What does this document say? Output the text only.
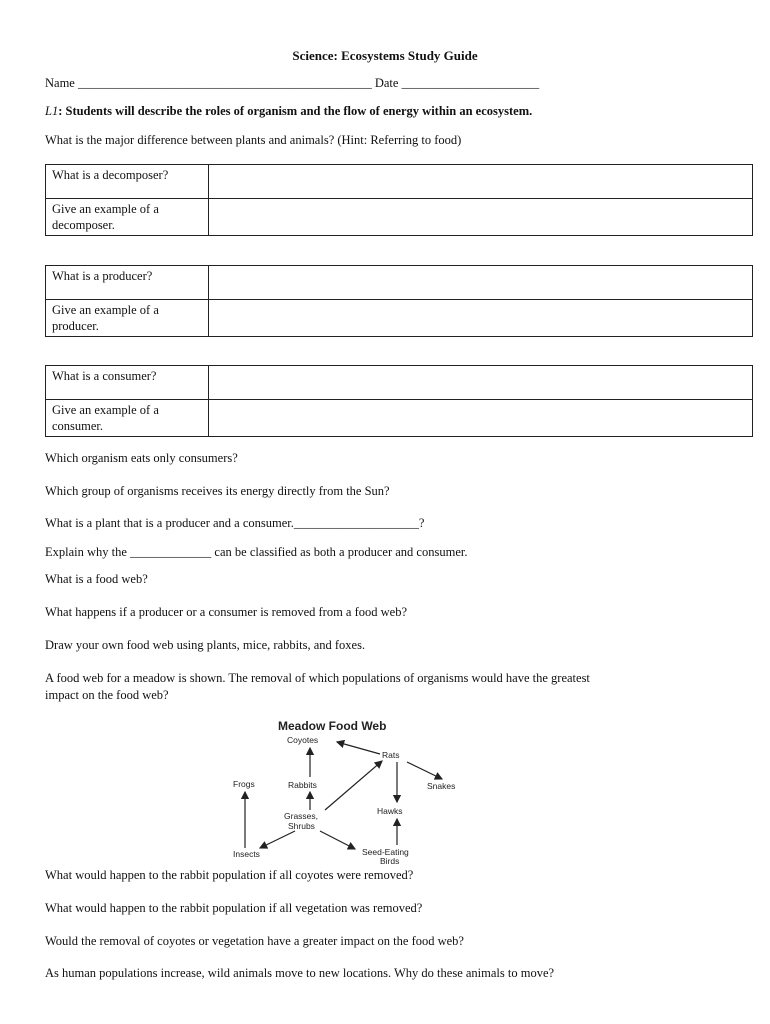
Science: Ecosystems Study Guide
Name _______________________________________________ Date ______________________
L1: Students will describe the roles of organism and the flow of energy within an ecosystem.
What is the major difference between plants and animals? (Hint: Referring to food)
What is a decomposer?	
Give an example of a decomposer.	
What is a producer?	
Give an example of a producer.	
What is a consumer?	
Give an example of a consumer.	
Which organism eats only consumers?
Which group of organisms receives its energy directly from the Sun?
What is a plant that is a producer and a consumer.____________________?
Explain why the _____________ can be classified as both a producer and consumer.
What is a food web?
What happens if a producer or a consumer is removed from a food web?
Draw your own food web using plants, mice, rabbits, and foxes.
A food web for a meadow is shown. The removal of which populations of organisms would have the greatest
impact on the food web?
Meadow Food Web
Coyotes
Rats
Frogs	Rabbits	Snakes
Grasses,
Shrubs
Hawks
Insects	Seed-Eating
Birds
What would happen to the rabbit population if all coyotes were removed?
What would happen to the rabbit population if all vegetation was removed?
Would the removal of coyotes or vegetation have a greater impact on the food web?
As human populations increase, wild animals move to new locations. Why do these animals to move?
